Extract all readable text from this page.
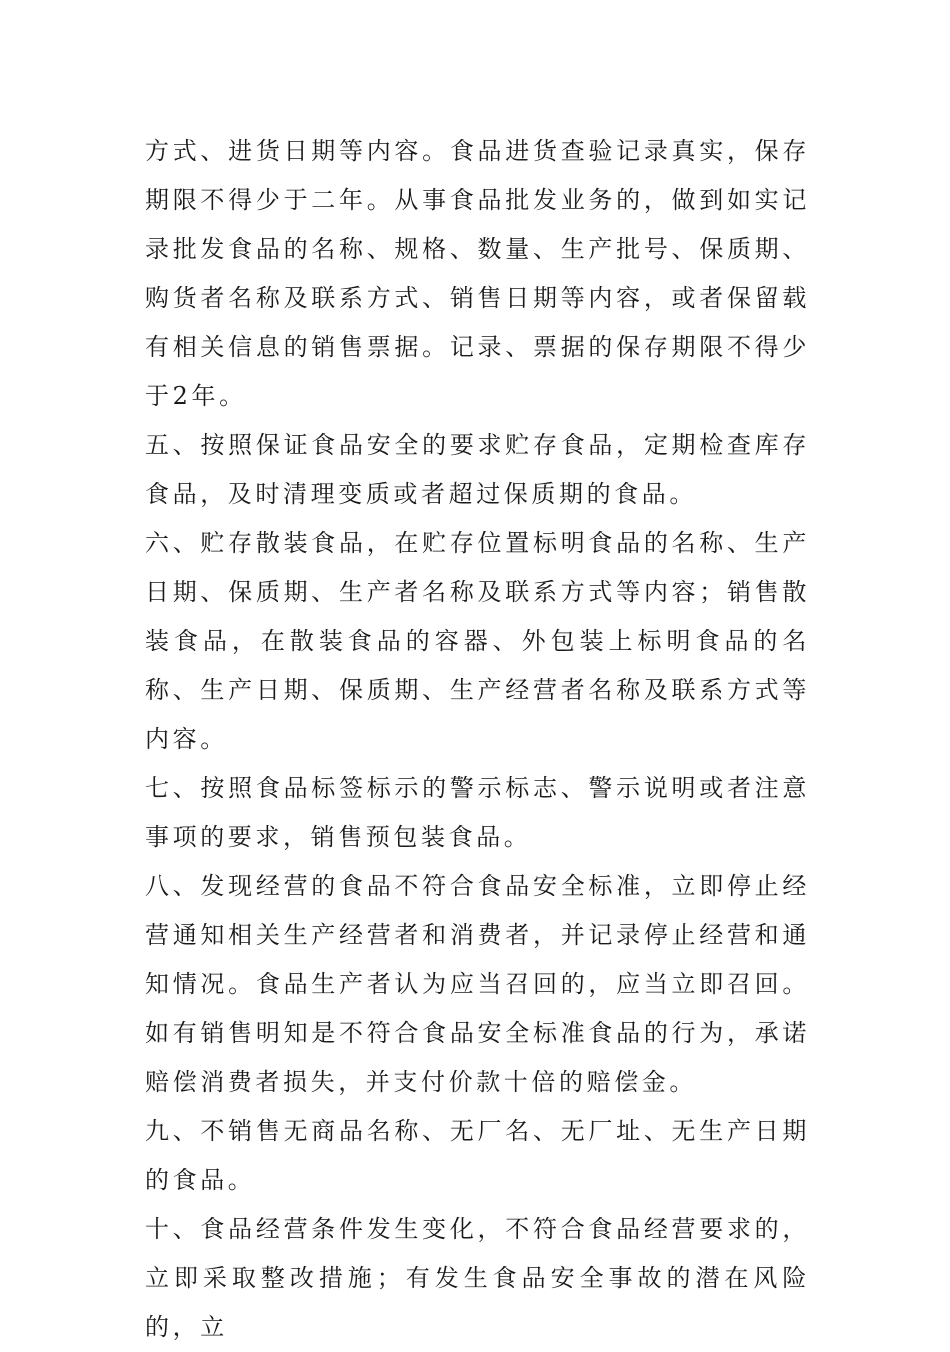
方式、进货日期等内容。食品进货查验记录真实，保存期限不得少于二年。从事食品批发业务的，做到如实记录批发食品的名称、规格、数量、生产批号、保质期、购货者名称及联系方式、销售日期等内容，或者保留载有相关信息的销售票据。记录、票据的保存期限不得少于2年。

五、按照保证食品安全的要求贮存食品，定期检查库存食品，及时清理变质或者超过保质期的食品。

六、贮存散装食品，在贮存位置标明食品的名称、生产日期、保质期、生产者名称及联系方式等内容；销售散装食品，在散装食品的容器、外包装上标明食品的名称、生产日期、保质期、生产经营者名称及联系方式等内容。

七、按照食品标签标示的警示标志、警示说明或者注意事项的要求，销售预包装食品。

八、发现经营的食品不符合食品安全标准，立即停止经营通知相关生产经营者和消费者，并记录停止经营和通知情况。食品生产者认为应当召回的，应当立即召回。如有销售明知是不符合食品安全标准食品的行为，承诺赔偿消费者损失，并支付价款十倍的赔偿金。

九、不销售无商品名称、无厂名、无厂址、无生产日期的食品。

十、食品经营条件发生变化，不符合食品经营要求的，立即采取整改措施；有发生食品安全事故的潜在风险的，立
